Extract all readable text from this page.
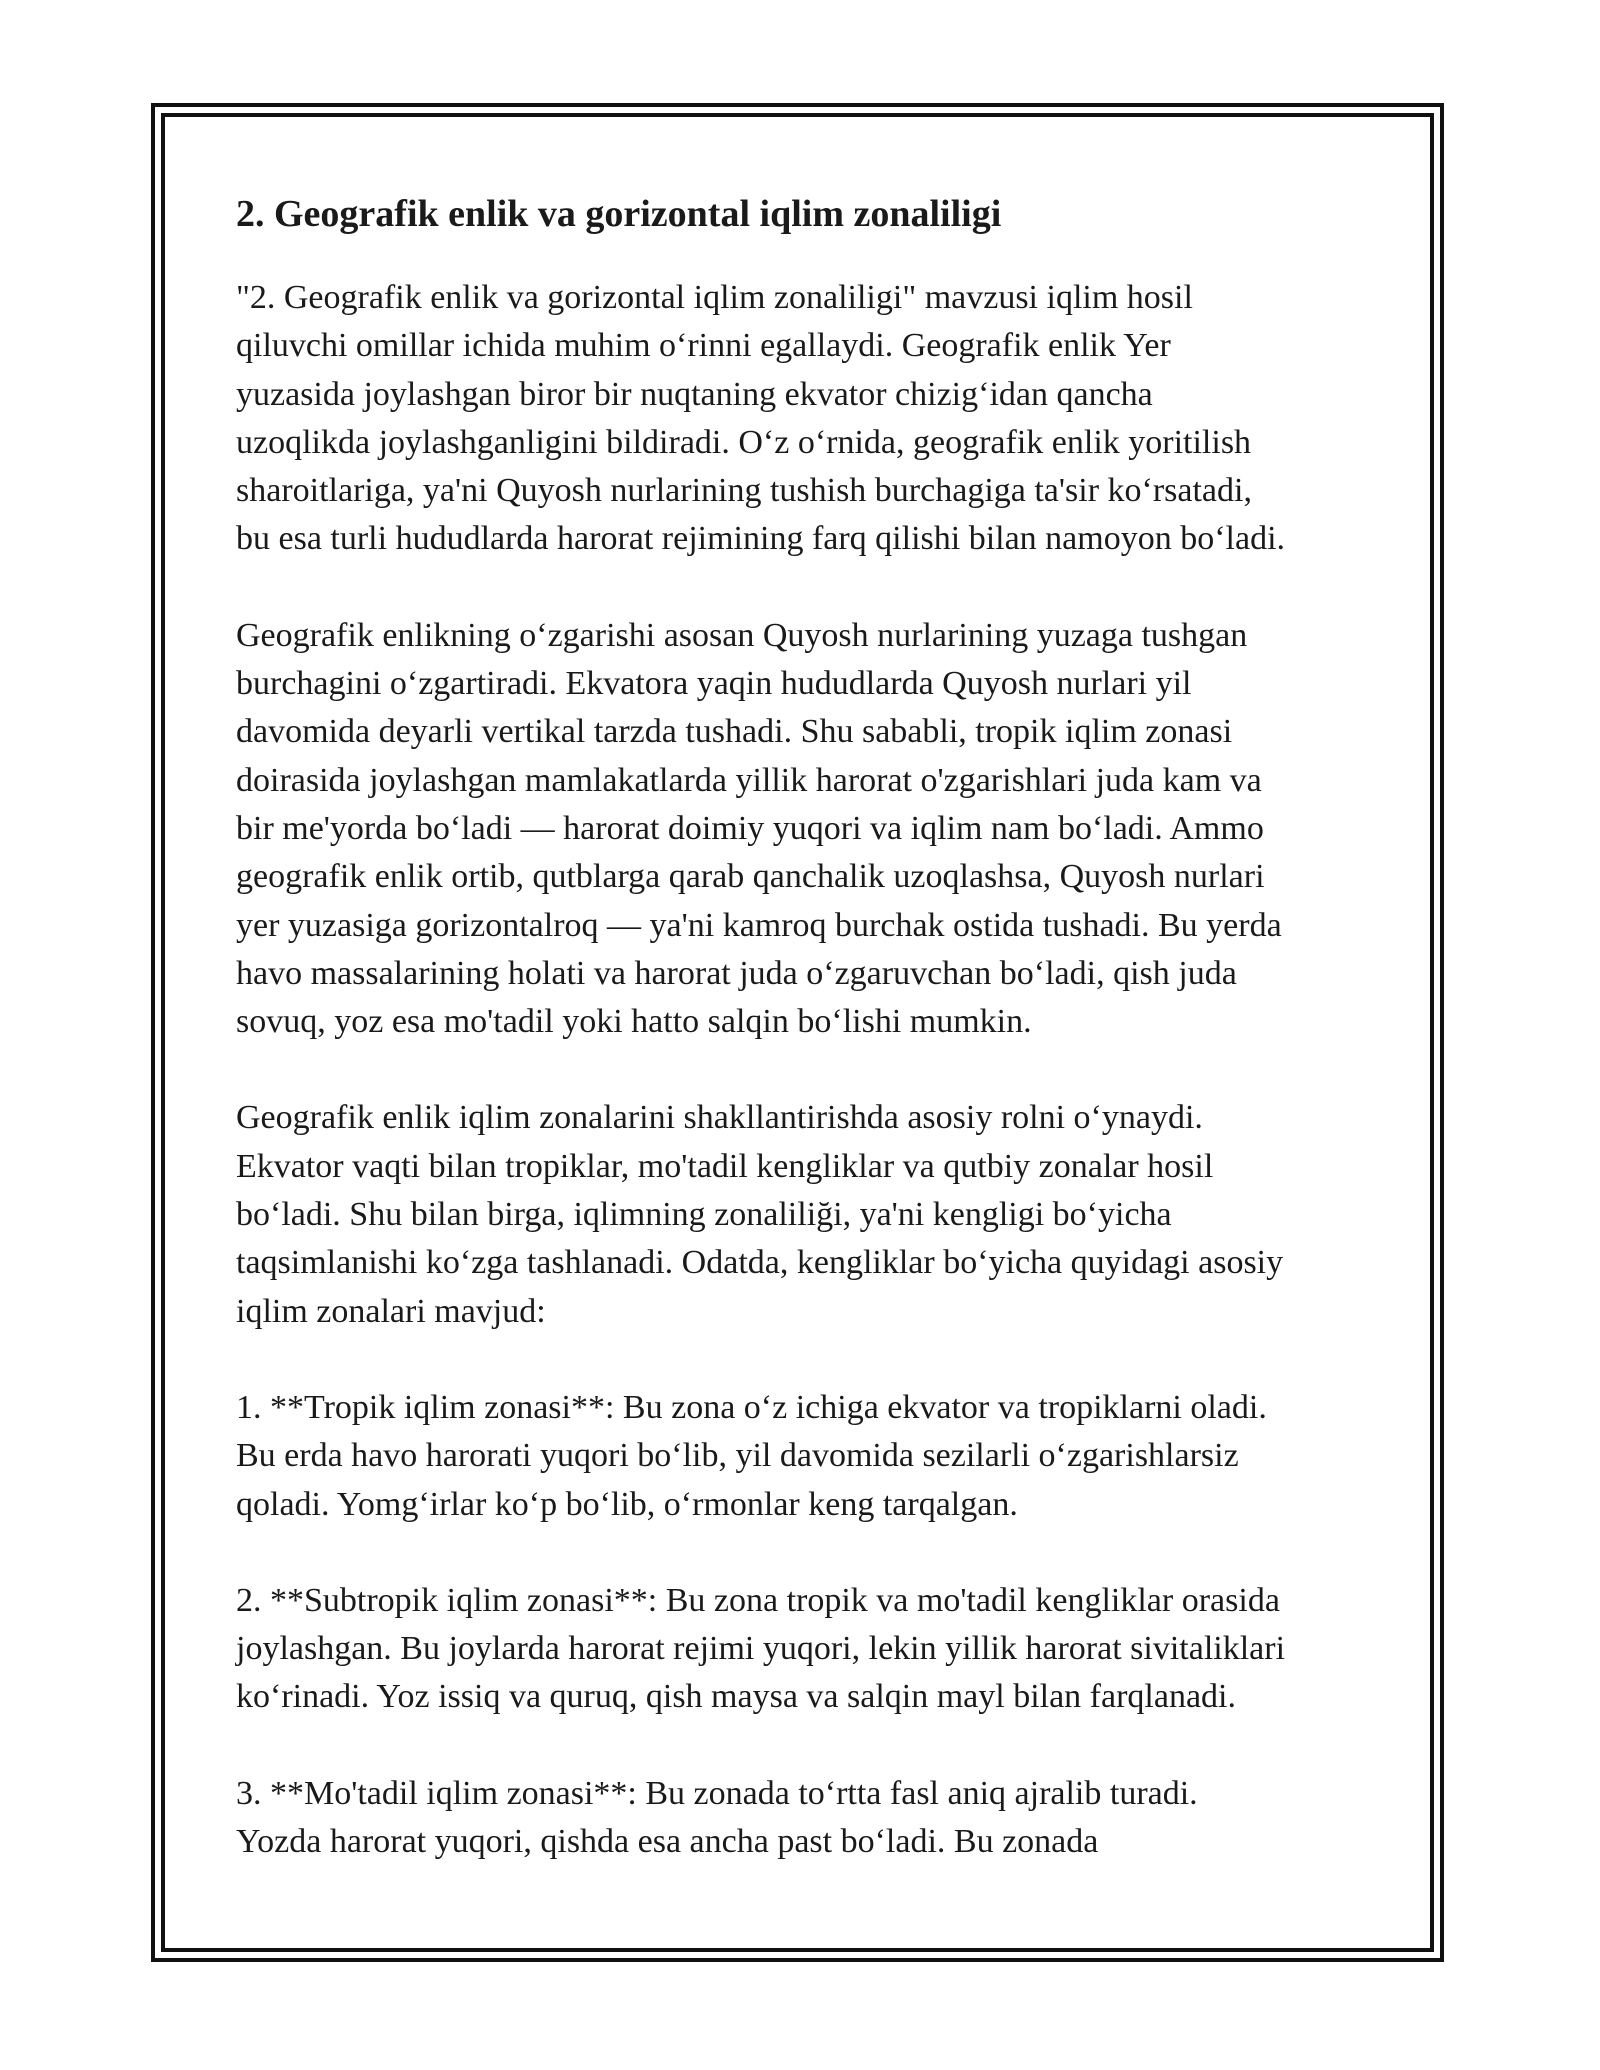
2. Geografik enlik va gorizontal iqlim zonaliligi

"2. Geografik enlik va gorizontal iqlim zonaliligi" mavzusi iqlim hosil
qiluvchi omillar ichida muhim o‘rinni egallaydi. Geografik enlik Yer
yuzasida joylashgan biror bir nuqtaning ekvator chizig‘idan qancha
uzoqlikda joylashganligini bildiradi. O‘z o‘rnida, geografik enlik yoritilish
sharoitlariga, ya'ni Quyosh nurlarining tushish burchagiga ta'sir ko‘rsatadi,
bu esa turli hududlarda harorat rejimining farq qilishi bilan namoyon bo‘ladi.

Geografik enlikning o‘zgarishi asosan Quyosh nurlarining yuzaga tushgan
burchagini o‘zgartiradi. Ekvatora yaqin hududlarda Quyosh nurlari yil
davomida deyarli vertikal tarzda tushadi. Shu sababli, tropik iqlim zonasi
doirasida joylashgan mamlakatlarda yillik harorat o'zgarishlari juda kam va
bir me'yorda bo‘ladi — harorat doimiy yuqori va iqlim nam bo‘ladi. Ammo
geografik enlik ortib, qutblarga qarab qanchalik uzoqlashsa, Quyosh nurlari
yer yuzasiga gorizontalroq — ya'ni kamroq burchak ostida tushadi. Bu yerda
havo massalarining holati va harorat juda o‘zgaruvchan bo‘ladi, qish juda
sovuq, yoz esa mo'tadil yoki hatto salqin bo‘lishi mumkin.

Geografik enlik iqlim zonalarini shakllantirishda asosiy rolni o‘ynaydi.
Ekvator vaqti bilan tropiklar, mo'tadil kengliklar va qutbiy zonalar hosil
bo‘ladi. Shu bilan birga, iqlimning zonaliliği, ya'ni kengligi bo‘yicha
taqsimlanishi ko‘zga tashlanadi. Odatda, kengliklar bo‘yicha quyidagi asosiy
iqlim zonalari mavjud:

1. **Tropik iqlim zonasi**: Bu zona o‘z ichiga ekvator va tropiklarni oladi.
Bu erda havo harorati yuqori bo‘lib, yil davomida sezilarli o‘zgarishlarsiz
qoladi. Yomg‘irlar ko‘p bo‘lib, o‘rmonlar keng tarqalgan.

2. **Subtropik iqlim zonasi**: Bu zona tropik va mo'tadil kengliklar orasida
joylashgan. Bu joylarda harorat rejimi yuqori, lekin yillik harorat sivitaliklari
ko‘rinadi. Yoz issiq va quruq, qish maysa va salqin mayl bilan farqlanadi.

3. **Mo'tadil iqlim zonasi**: Bu zonada to‘rtta fasl aniq ajralib turadi.
Yozda harorat yuqori, qishda esa ancha past bo‘ladi. Bu zonada
